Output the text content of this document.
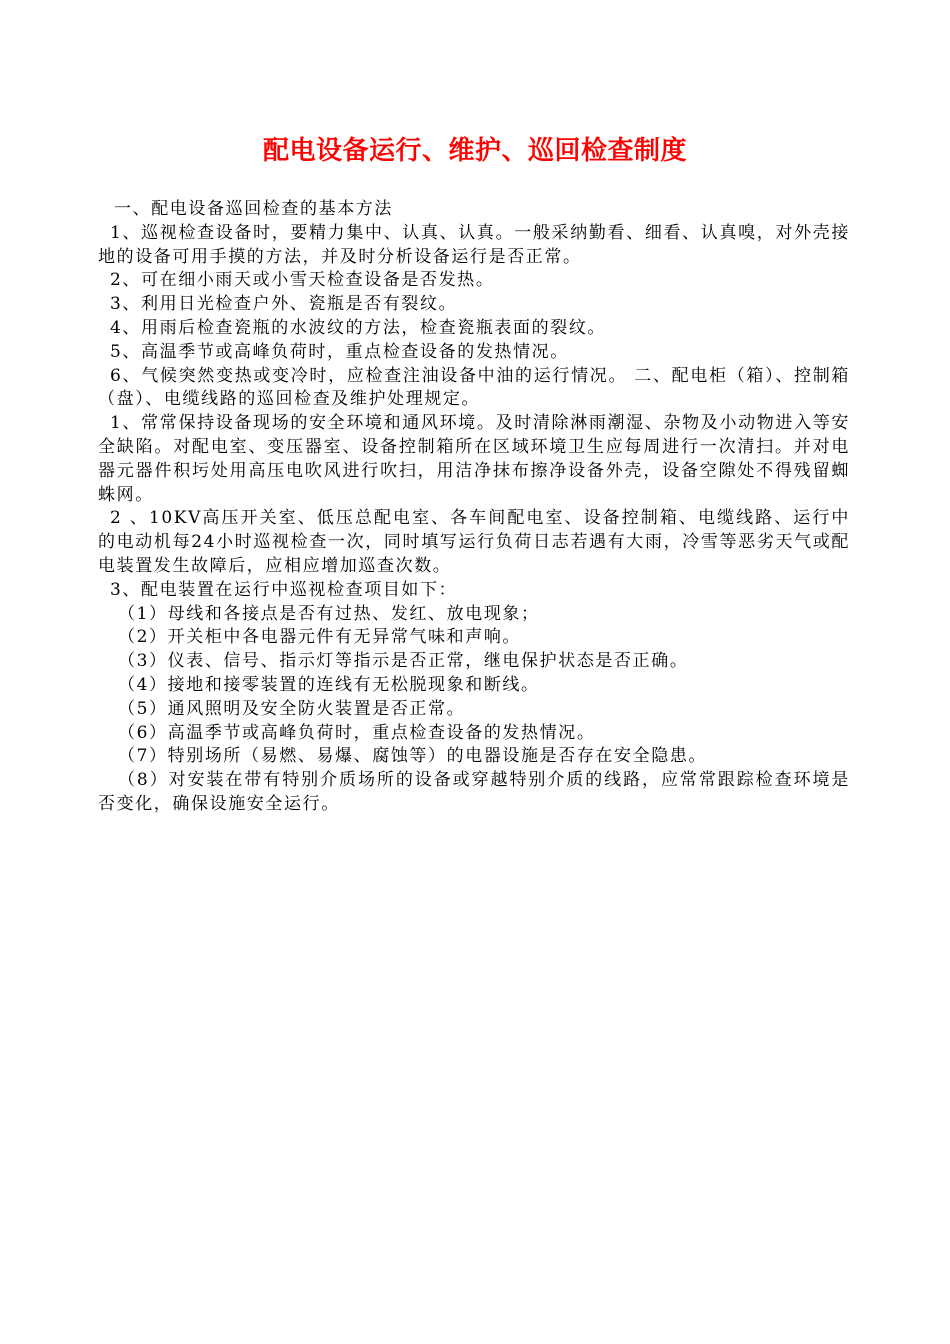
配电设备运行、维护、巡回检查制度

一、配电设备巡回检查的基本方法

1、巡视检查设备时，要精力集中、认真、认真。一般采纳勤看、细看、认真嗅，对外壳接地的设备可用手摸的方法，并及时分析设备运行是否正常。

2、可在细小雨天或小雪天检查设备是否发热。

3、利用日光检查户外、瓷瓶是否有裂纹。

4、用雨后检查瓷瓶的水波纹的方法，检查瓷瓶表面的裂纹。

5、高温季节或高峰负荷时，重点检查设备的发热情况。

6、气候突然变热或变冷时，应检查注油设备中油的运行情况。 二、配电柜（箱）、控制箱（盘）、电缆线路的巡回检查及维护处理规定。

1、常常保持设备现场的安全环境和通风环境。及时清除淋雨潮湿、杂物及小动物进入等安全缺陷。对配电室、变压器室、设备控制箱所在区域环境卫生应每周进行一次清扫。并对电器元器件积圬处用高压电吹风进行吹扫，用洁净抹布擦净设备外壳，设备空隙处不得残留蜘蛛网。

2 、10KV高压开关室、低压总配电室、各车间配电室、设备控制箱、电缆线路、运行中的电动机每24小时巡视检查一次，同时填写运行负荷日志若遇有大雨，冷雪等恶劣天气或配电装置发生故障后，应相应增加巡查次数。

3、配电装置在运行中巡视检查项目如下：

（1）母线和各接点是否有过热、发红、放电现象；

（2）开关柜中各电器元件有无异常气味和声响。

（3）仪表、信号、指示灯等指示是否正常，继电保护状态是否正确。

（4）接地和接零装置的连线有无松脱现象和断线。

（5）通风照明及安全防火装置是否正常。

（6）高温季节或高峰负荷时，重点检查设备的发热情况。

（7）特别场所（易燃、易爆、腐蚀等）的电器设施是否存在安全隐患。

（8）对安装在带有特别介质场所的设备或穿越特别介质的线路，应常常跟踪检查环境是否变化，确保设施安全运行。
